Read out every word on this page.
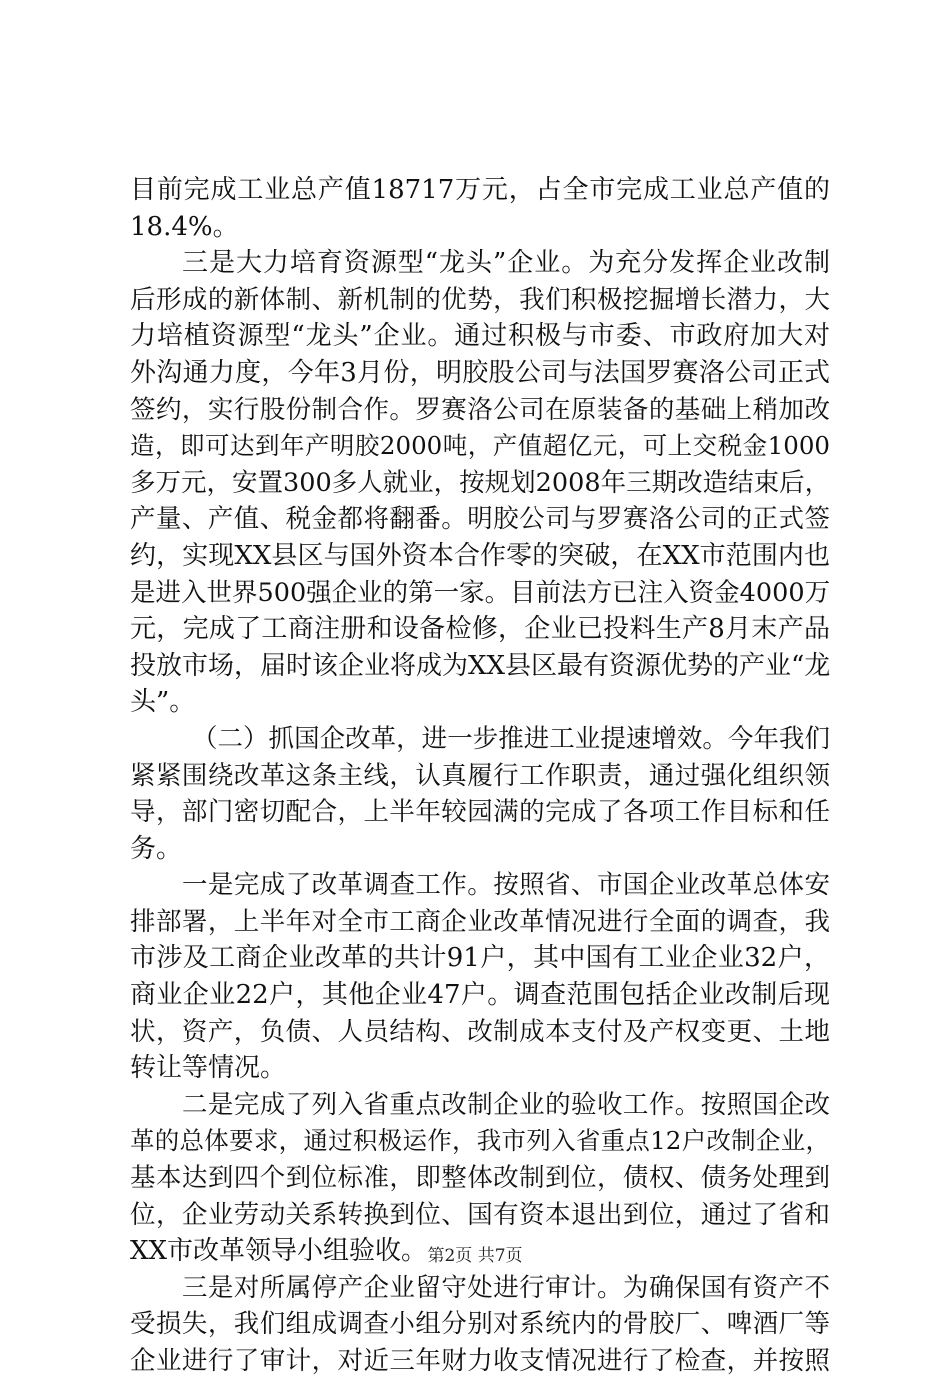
目前完成工业总产值18717万元，占全市完成工业总产值的
18.4%。
三是大力培育资源型“龙头”企业。为充分发挥企业改制
后形成的新体制、新机制的优势，我们积极挖掘增长潜力，大
力培植资源型“龙头”企业。通过积极与市委、市政府加大对
外沟通力度，今年3月份，明胶股公司与法国罗赛洛公司正式
签约，实行股份制合作。罗赛洛公司在原装备的基础上稍加改
造，即可达到年产明胶2000吨，产值超亿元，可上交税金1000
多万元，安置300多人就业，按规划2008年三期改造结束后，
产量、产值、税金都将翻番。明胶公司与罗赛洛公司的正式签
约，实现XX县区与国外资本合作零的突破，在XX市范围内也
是进入世界500强企业的第一家。目前法方已注入资金4000万
元，完成了工商注册和设备检修，企业已投料生产8月末产品
投放市场，届时该企业将成为XX县区最有资源优势的产业“龙
头”。
（二）抓国企改革，进一步推进工业提速增效。今年我们
紧紧围绕改革这条主线，认真履行工作职责，通过强化组织领
导，部门密切配合，上半年较园满的完成了各项工作目标和任
务。
一是完成了改革调查工作。按照省、市国企业改革总体安
排部署，上半年对全市工商企业改革情况进行全面的调查，我
市涉及工商企业改革的共计91户，其中国有工业企业32户，
商业企业22户，其他企业47户。调查范围包括企业改制后现
状，资产，负债、人员结构、改制成本支付及产权变更、土地
转让等情况。
二是完成了列入省重点改制企业的验收工作。按照国企改
革的总体要求，通过积极运作，我市列入省重点12户改制企业，
基本达到四个到位标准，即整体改制到位，债权、债务处理到
位，企业劳动关系转换到位、国有资本退出到位，通过了省和
XX市改革领导小组验收。
三是对所属停产企业留守处进行审计。为确保国有资产不
受损失，我们组成调查小组分别对系统内的骨胶厂、啤酒厂等
企业进行了审计，对近三年财力收支情况进行了检查，并按照
第2页 共7页
